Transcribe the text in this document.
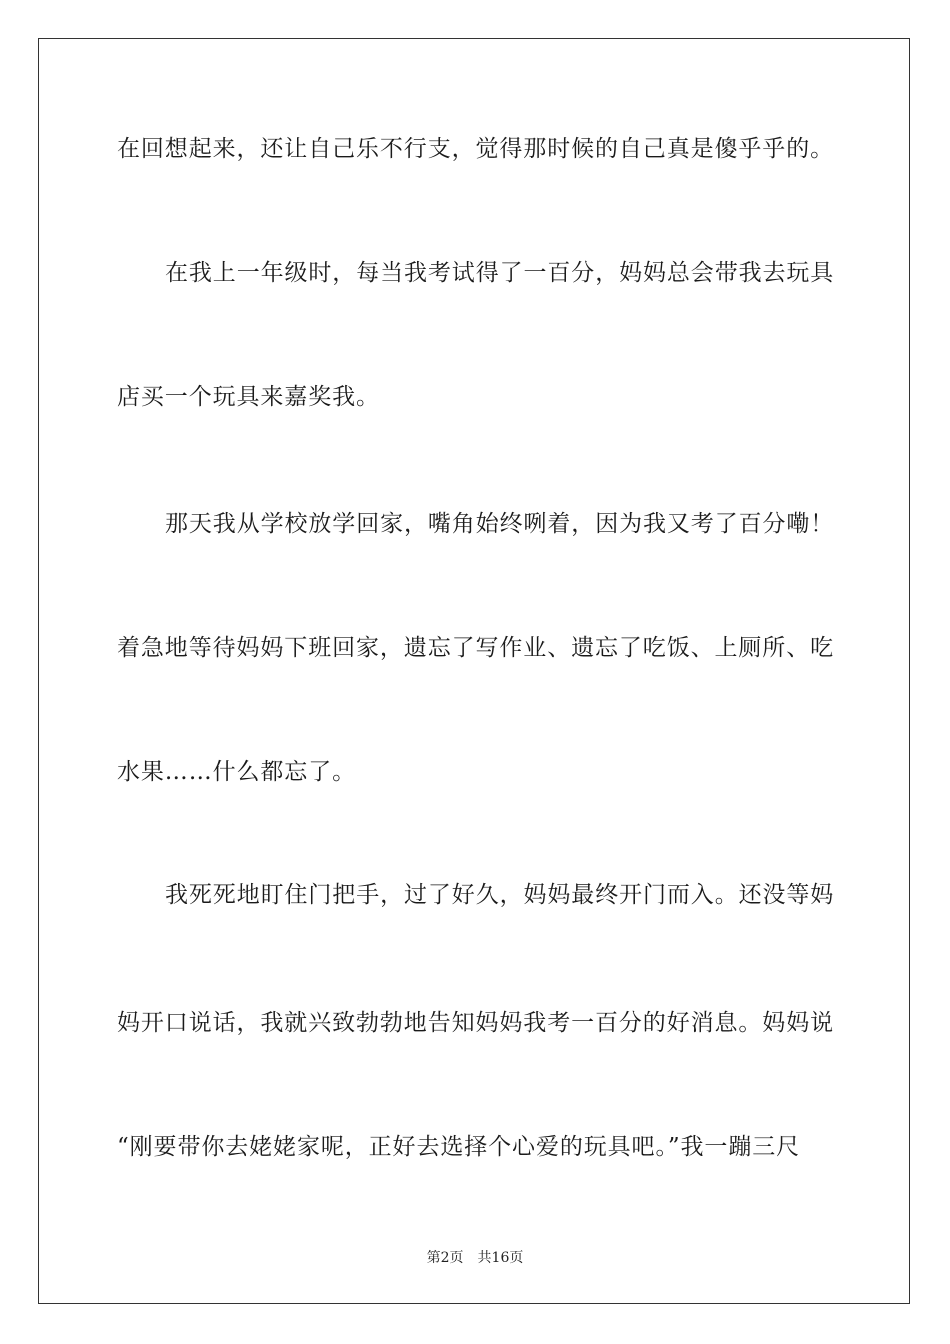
在回想起来，还让自己乐不行支，觉得那时候的自己真是傻乎乎的。
在我上一年级时，每当我考试得了一百分，妈妈总会带我去玩具
店买一个玩具来嘉奖我。
那天我从学校放学回家，嘴角始终咧着，因为我又考了百分嘞！
着急地等待妈妈下班回家，遗忘了写作业、遗忘了吃饭、上厕所、吃
水果……什么都忘了。
我死死地盯住门把手，过了好久，妈妈最终开门而入。还没等妈
妈开口说话，我就兴致勃勃地告知妈妈我考一百分的好消息。妈妈说
“刚要带你去姥姥家呢，正好去选择个心爱的玩具吧。”我一蹦三尺
第2页 共16页
